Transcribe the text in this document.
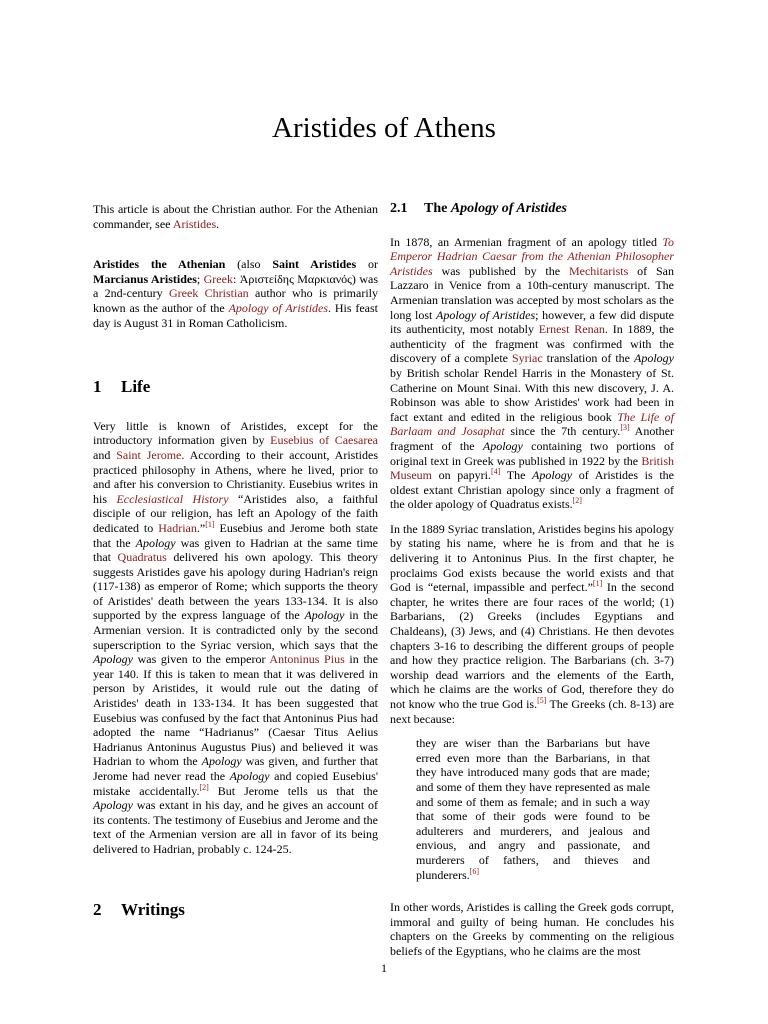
Aristides of Athens

This article is about the Christian author. For the Athenian commander, see Aristides.

Aristides the Athenian (also Saint Aristides or Marcianus Aristides; Greek: Ἀριστείδης Μαρκιανός) was a 2nd-century Greek Christian author who is primarily known as the author of the Apology of Aristides. His feast day is August 31 in Roman Catholicism.

1 Life

Very little is known of Aristides, except for the introductory information given by Eusebius of Caesarea and Saint Jerome. According to their account, Aristides practiced philosophy in Athens, where he lived, prior to and after his conversion to Christianity. Eusebius writes in his Ecclesiastical History “Aristides also, a faithful disciple of our religion, has left an Apology of the faith dedicated to Hadrian.”[1] Eusebius and Jerome both state that the Apology was given to Hadrian at the same time that Quadratus delivered his own apology. This theory suggests Aristides gave his apology during Hadrian's reign (117-138) as emperor of Rome; which supports the theory of Aristides' death between the years 133-134. It is also supported by the express language of the Apology in the Armenian version. It is contradicted only by the second superscription to the Syriac version, which says that the Apology was given to the emperor Antoninus Pius in the year 140. If this is taken to mean that it was delivered in person by Aristides, it would rule out the dating of Aristides' death in 133-134. It has been suggested that Eusebius was confused by the fact that Antoninus Pius had adopted the name “Hadrianus” (Caesar Titus Aelius Hadrianus Antoninus Augustus Pius) and believed it was Hadrian to whom the Apology was given, and further that Jerome had never read the Apology and copied Eusebius' mistake accidentally.[2] But Jerome tells us that the Apology was extant in his day, and he gives an account of its contents. The testimony of Eusebius and Jerome and the text of the Armenian version are all in favor of its being delivered to Hadrian, probably c. 124-25.

2 Writings
2.1 The Apology of Aristides

In 1878, an Armenian fragment of an apology titled To Emperor Hadrian Caesar from the Athenian Philosopher Aristides was published by the Mechitarists of San Lazzaro in Venice from a 10th-century manuscript. The Armenian translation was accepted by most scholars as the long lost Apology of Aristides; however, a few did dispute its authenticity, most notably Ernest Renan. In 1889, the authenticity of the fragment was confirmed with the discovery of a complete Syriac translation of the Apology by British scholar Rendel Harris in the Monastery of St. Catherine on Mount Sinai. With this new discovery, J. A. Robinson was able to show Aristides' work had been in fact extant and edited in the religious book The Life of Barlaam and Josaphat since the 7th century.[3] Another fragment of the Apology containing two portions of original text in Greek was published in 1922 by the British Museum on papyri.[4] The Apology of Aristides is the oldest extant Christian apology since only a fragment of the older apology of Quadratus exists.[2]

In the 1889 Syriac translation, Aristides begins his apology by stating his name, where he is from and that he is delivering it to Antoninus Pius. In the first chapter, he proclaims God exists because the world exists and that God is “eternal, impassible and perfect.”[1] In the second chapter, he writes there are four races of the world; (1) Barbarians, (2) Greeks (includes Egyptians and Chaldeans), (3) Jews, and (4) Christians. He then devotes chapters 3-16 to describing the different groups of people and how they practice religion. The Barbarians (ch. 3-7) worship dead warriors and the elements of the Earth, which he claims are the works of God, therefore they do not know who the true God is.[5] The Greeks (ch. 8-13) are next because:

they are wiser than the Barbarians but have erred even more than the Barbarians, in that they have introduced many gods that are made; and some of them they have represented as male and some of them as female; and in such a way that some of their gods were found to be adulterers and murderers, and jealous and envious, and angry and passionate, and murderers of fathers, and thieves and plunderers.[6]

In other words, Aristides is calling the Greek gods corrupt, immoral and guilty of being human. He concludes his chapters on the Greeks by commenting on the religious beliefs of the Egyptians, who he claims are the most

1
